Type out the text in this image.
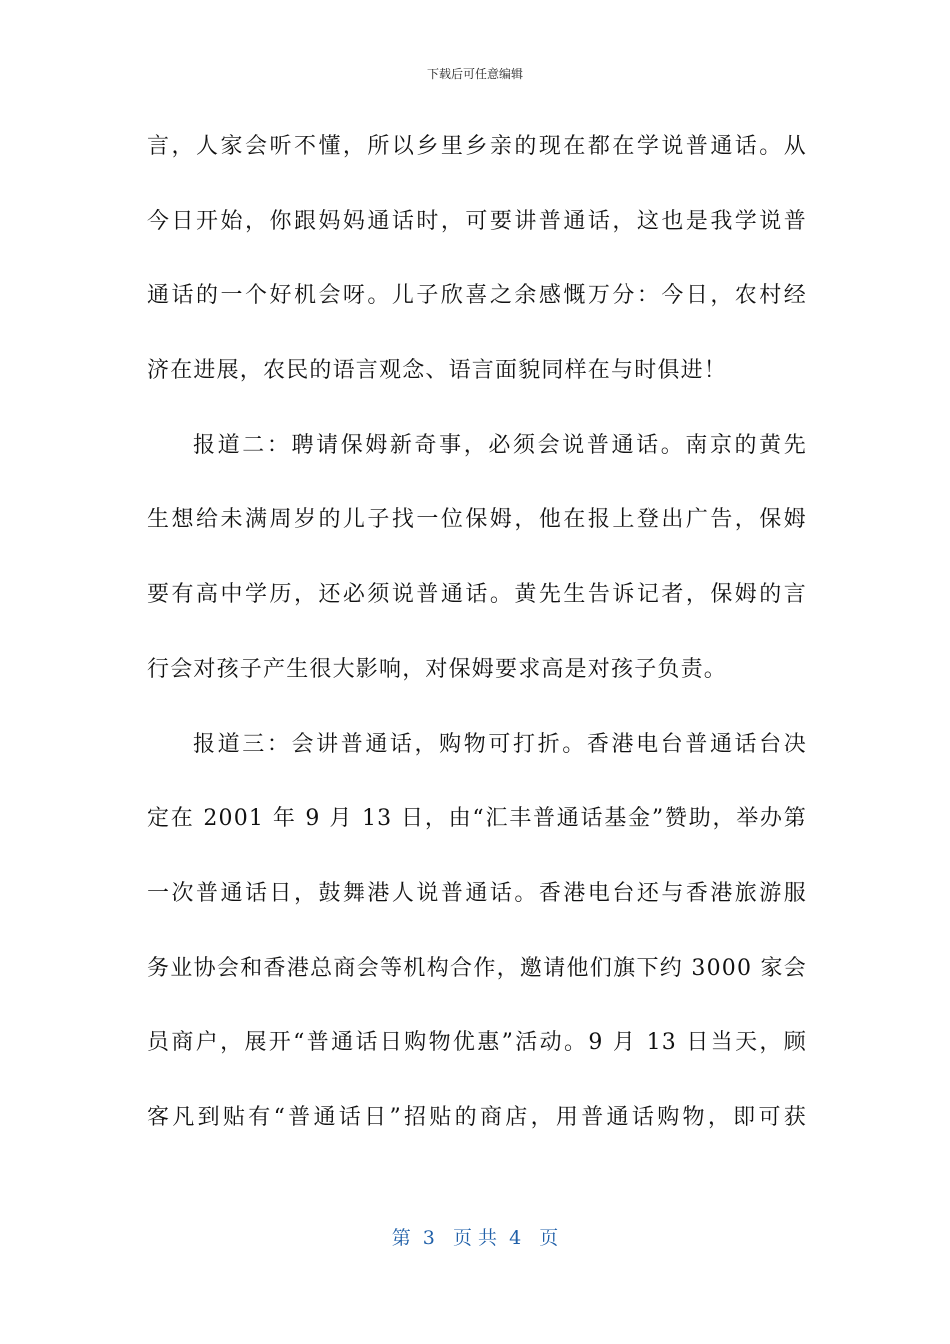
下载后可任意编辑
言，人家会听不懂，所以乡里乡亲的现在都在学说普通话。从
今日开始，你跟妈妈通话时，可要讲普通话，这也是我学说普
通话的一个好机会呀。儿子欣喜之余感慨万分：今日，农村经
济在进展，农民的语言观念、语言面貌同样在与时俱进！
报道二：聘请保姆新奇事，必须会说普通话。南京的黄先
生想给未满周岁的儿子找一位保姆，他在报上登出广告，保姆
要有高中学历，还必须说普通话。黄先生告诉记者，保姆的言
行会对孩子产生很大影响，对保姆要求高是对孩子负责。
报道三：会讲普通话，购物可打折。香港电台普通话台决
定在 2001 年 9 月 13 日，由“汇丰普通话基金”赞助，举办第
一次普通话日，鼓舞港人说普通话。香港电台还与香港旅游服
务业协会和香港总商会等机构合作，邀请他们旗下约 3000 家会
员商户，展开“普通话日购物优惠”活动。9 月 13 日当天，顾
客凡到贴有“普通话日”招贴的商店，用普通话购物，即可获
第  3   页 共  4   页
